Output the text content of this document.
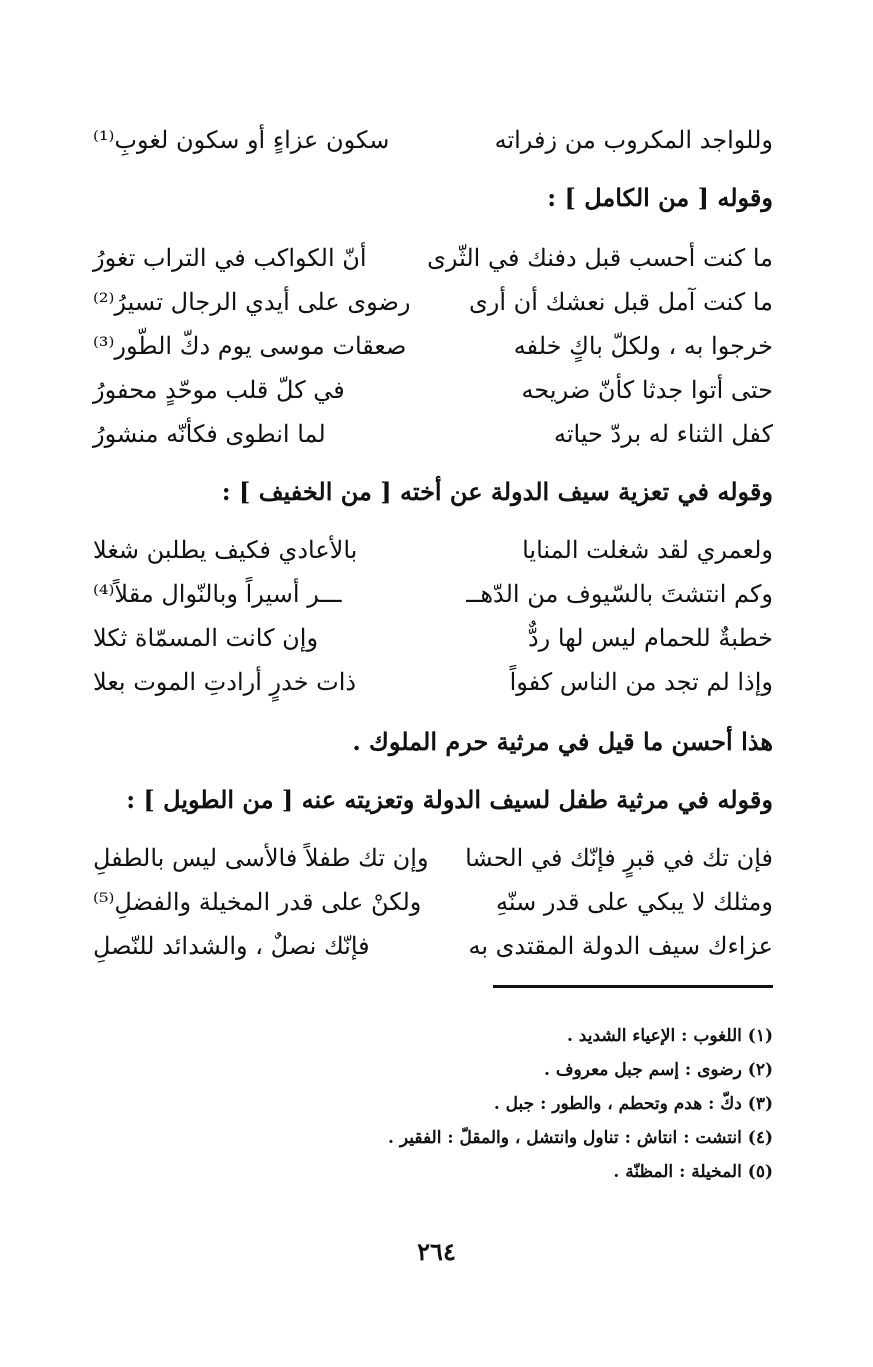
وللواجد المكروب من زفراته
سكون عزاءٍ أو سكون لغوبِ⁽¹⁾
وقوله [ من الكامل ] :
ما كنت أحسب قبل دفنك في الثّرى
أنّ الكواكب في التراب تغورُ
ما كنت آمل قبل نعشك أن أرى
رضوى على أيدي الرجال تسيرُ⁽²⁾
خرجوا به ، ولكلّ باكٍ خلفه
صعقات موسى يوم دكّ الطّور⁽³⁾
حتى أتوا جدثا كأنّ ضريحه
في كلّ قلب موحّدٍ محفورُ
كفل الثناء له بردّ حياته
لما انطوى فكأنّه منشورُ
وقوله في تعزية سيف الدولة عن أخته [ من الخفيف ] :
ولعمري لقد شغلت المنايا
بالأعادي فكيف يطلبن شغلا
وكم انتشتَ بالسّيوف من الدّهــ
ـــر أسيراً وبالنّوال مقلاً⁽⁴⁾
خطبةٌ للحمام ليس لها ردٌّ
وإن كانت المسمّاة ثكلا
وإذا لم تجد من الناس كفواً
ذات خدرٍ أرادتِ الموت بعلا
هذا أحسن ما قيل في مرثية حرم الملوك .
وقوله في مرثية طفل لسيف الدولة وتعزيته عنه [ من الطويل ] :
فإن تك في قبرٍ فإنّك في الحشا
وإن تك طفلاً فالأسى ليس بالطفلِ
ومثلك لا يبكي على قدر سنّهِ
ولكنْ على قدر المخيلة والفضلِ⁽⁵⁾
عزاءك سيف الدولة المقتدى به
فإنّك نصلٌ ، والشدائد للنّصلِ
(١) اللغوب : الإعياء الشديد .
(٢) رضوى : إسم جبل معروف .
(٣) دكّ : هدم وتحطم ، والطور : جبل .
(٤) انتشت : انتاش : تناول وانتشل ، والمقلّ : الفقير .
(٥) المخيلة : المظنّة .
٢٦٤
